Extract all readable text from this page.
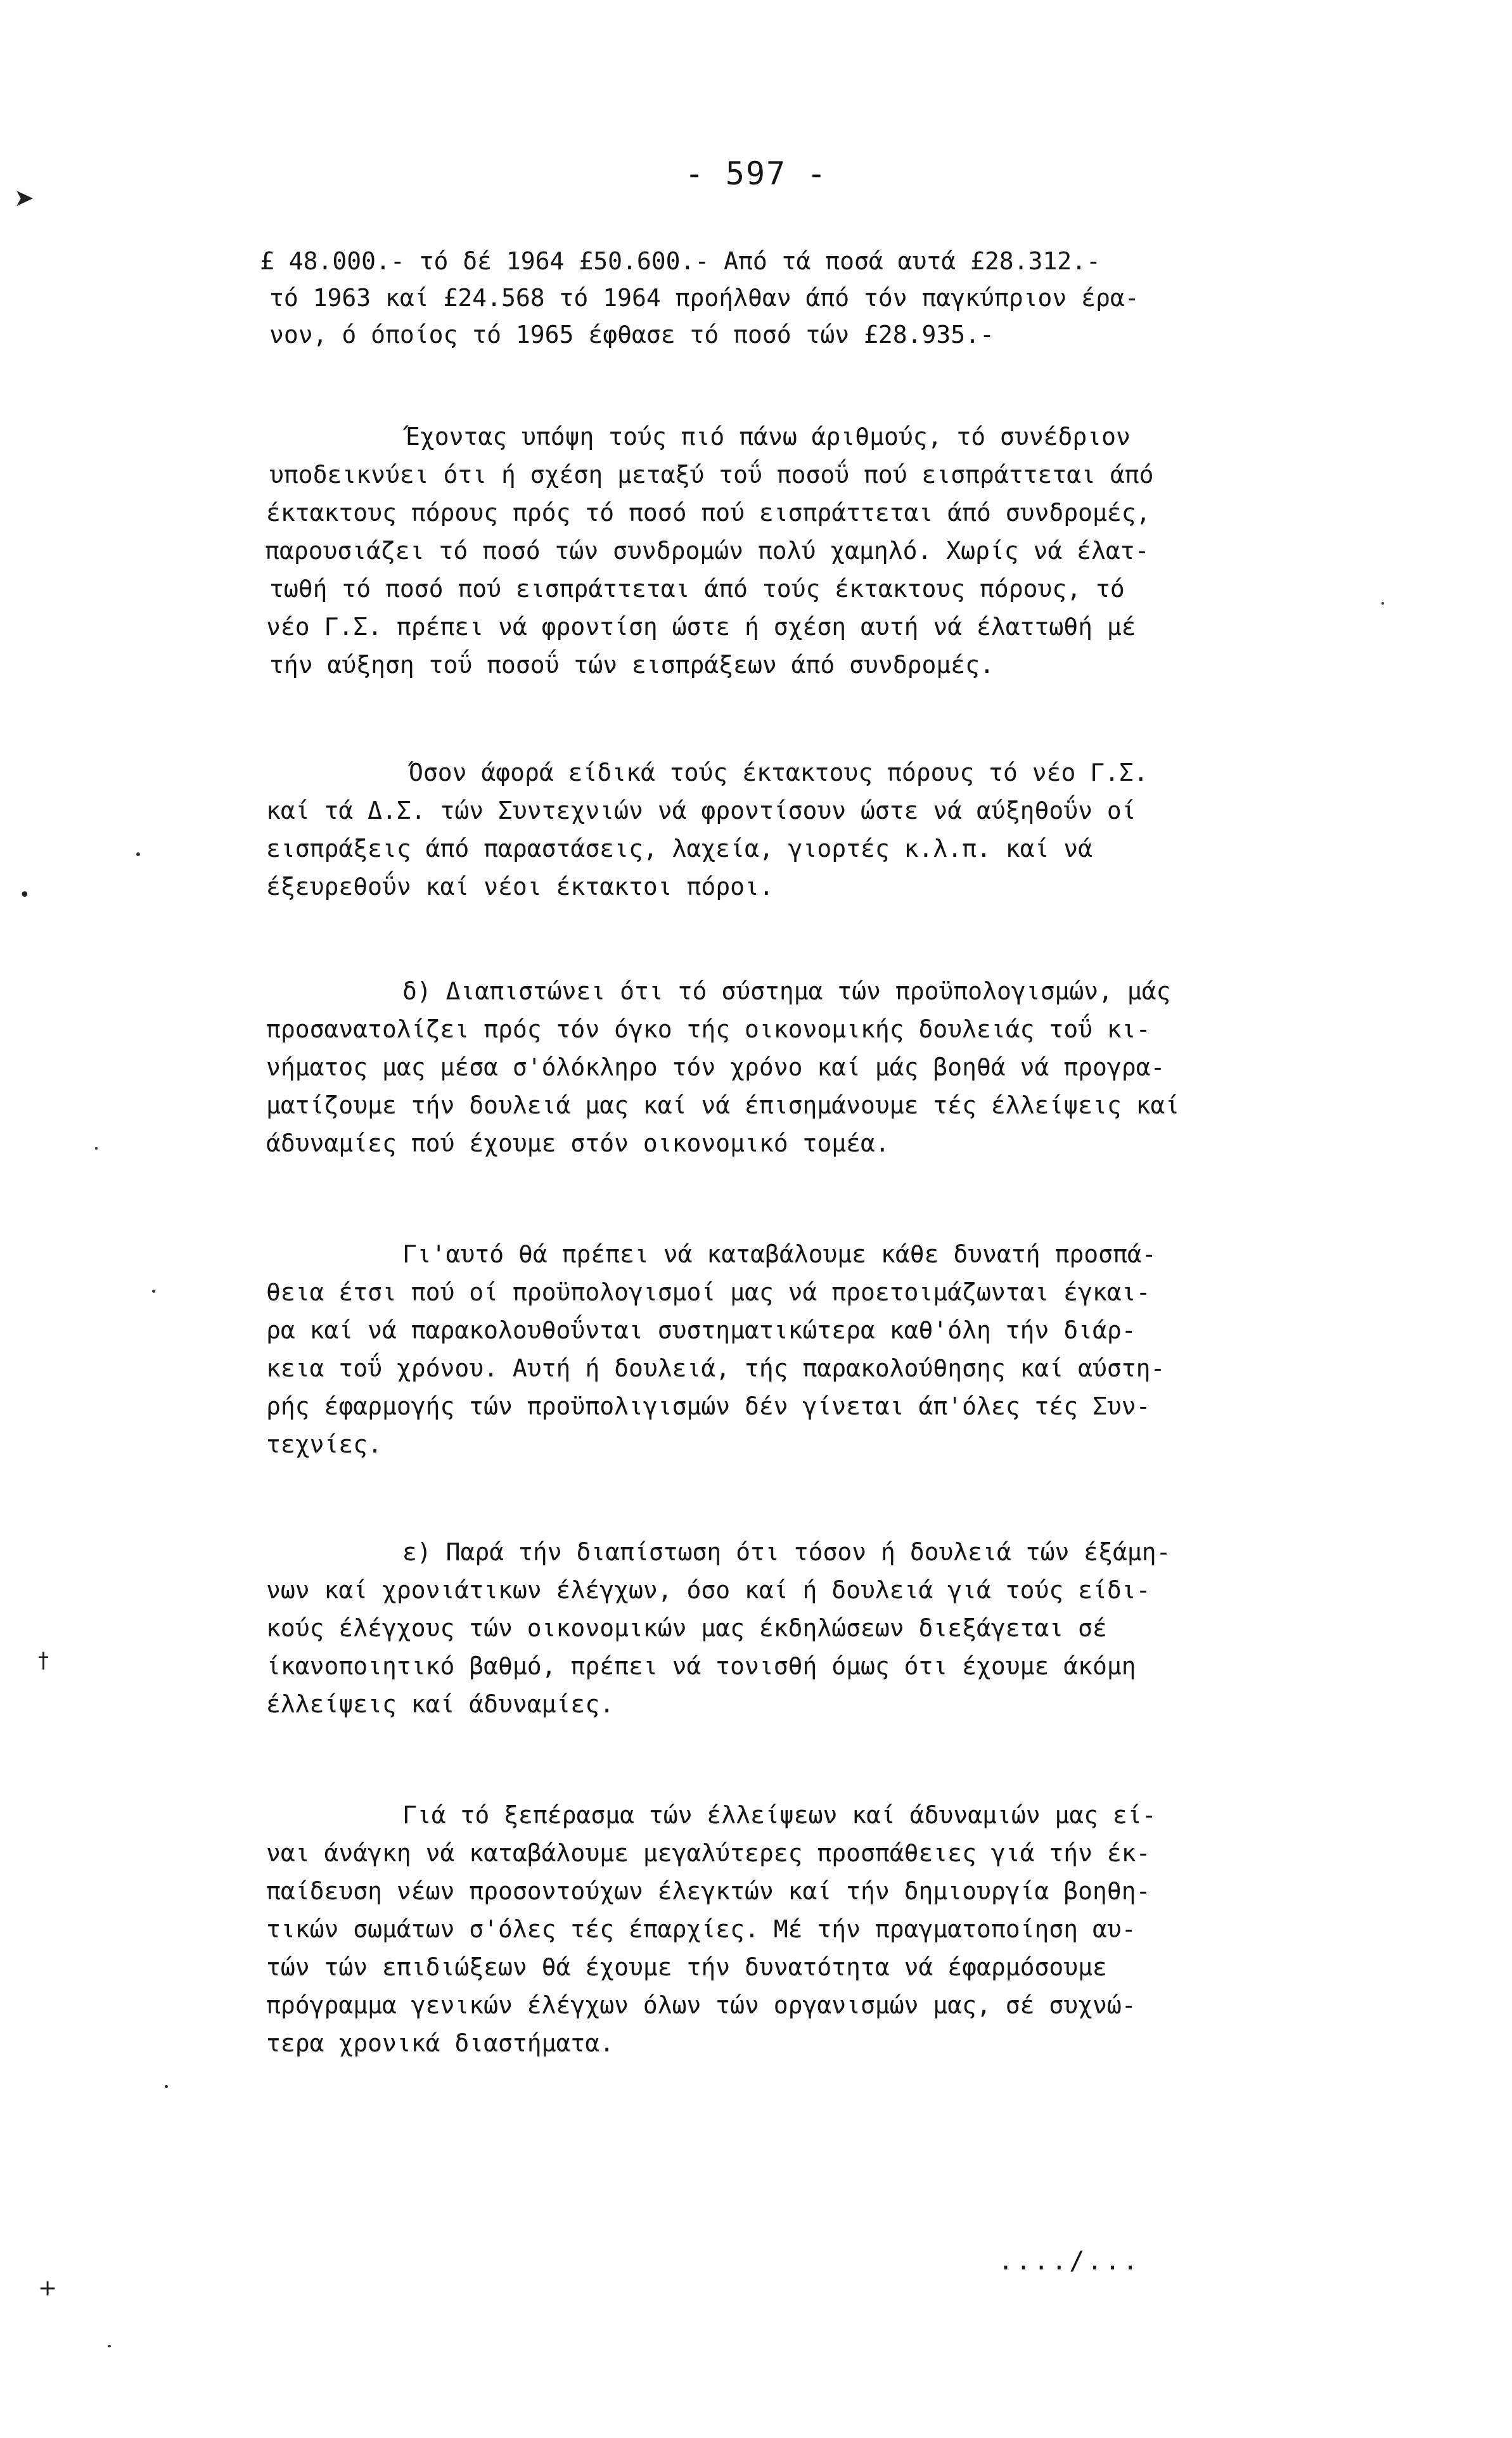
- 597 -
£ 48.000.- τό δέ 1964 £50.600.- Από τά ποσά αυτά £28.312.-
τό 1963 καί £24.568 τό 1964 προήλθαν άπό τόν παγκύπριον έρα-
νον, ό όποίος τό 1965 έφθασε τό ποσό τών £28.935.-
Έχοντας υπόψη τούς πιό πάνω άριθμούς, τό συνέδριον
υποδεικνύει ότι ή σχέση μεταξύ τοΰ ποσοΰ πού εισπράττεται άπό
έκτακτους πόρους πρός τό ποσό πού εισπράττεται άπό συνδρομές,
παρουσιάζει τό ποσό τών συνδρομών πολύ χαμηλό. Χωρίς νά έλατ-
τωθή τό ποσό πού εισπράττεται άπό τούς έκτακτους πόρους, τό
νέο Γ.Σ. πρέπει νά φροντίση ώστε ή σχέση αυτή νά έλαττωθή μέ
τήν αύξηση τοΰ ποσοΰ τών εισπράξεων άπό συνδρομές.
Όσον άφορά είδικά τούς έκτακτους πόρους τό νέο Γ.Σ.
καί τά Δ.Σ. τών Συντεχνιών νά φροντίσουν ώστε νά αύξηθοΰν οί
εισπράξεις άπό παραστάσεις, λαχεία, γιορτές κ.λ.π. καί νά
έξευρεθοΰν καί νέοι έκτακτοι πόροι.
δ) Διαπιστώνει ότι τό σύστημα τών προϋπολογισμών, μάς
προσανατολίζει πρός τόν όγκο τής οικονομικής δουλειάς τοΰ κι-
νήματος μας μέσα σ'όλόκληρο τόν χρόνο καί μάς βοηθά νά προγρα-
ματίζουμε τήν δουλειά μας καί νά έπισημάνουμε τές έλλείψεις καί
άδυναμίες πού έχουμε στόν οικονομικό τομέα.
Γι'αυτό θά πρέπει νά καταβάλουμε κάθε δυνατή προσπά-
θεια έτσι πού οί προϋπολογισμοί μας νά προετοιμάζωνται έγκαι-
ρα καί νά παρακολουθοΰνται συστηματικώτερα καθ'όλη τήν διάρ-
κεια τοΰ χρόνου. Αυτή ή δουλειά, τής παρακολούθησης καί αύστη-
ρής έφαρμογής τών προϋπολιγισμών δέν γίνεται άπ'όλες τές Συν-
τεχνίες.
ε) Παρά τήν διαπίστωση ότι τόσον ή δουλειά τών έξάμη-
νων καί χρονιάτικων έλέγχων, όσο καί ή δουλειά γιά τούς είδι-
κούς έλέγχους τών οικονομικών μας έκδηλώσεων διεξάγεται σέ
ίκανοποιητικό βαθμό, πρέπει νά τονισθή όμως ότι έχουμε άκόμη
έλλείψεις καί άδυναμίες.
Γιά τό ξεπέρασμα τών έλλείψεων καί άδυναμιών μας εί-
ναι άνάγκη νά καταβάλουμε μεγαλύτερες προσπάθειες γιά τήν έκ-
παίδευση νέων προσοντούχων έλεγκτών καί τήν δημιουργία βοηθη-
τικών σωμάτων σ'όλες τές έπαρχίες. Μέ τήν πραγματοποίηση αυ-
τών τών επιδιώξεων θά έχουμε τήν δυνατότητα νά έφαρμόσουμε
πρόγραμμα γενικών έλέγχων όλων τών οργανισμών μας, σέ συχνώ-
τερα χρονικά διαστήματα.
..../...
➤
•
†
+
